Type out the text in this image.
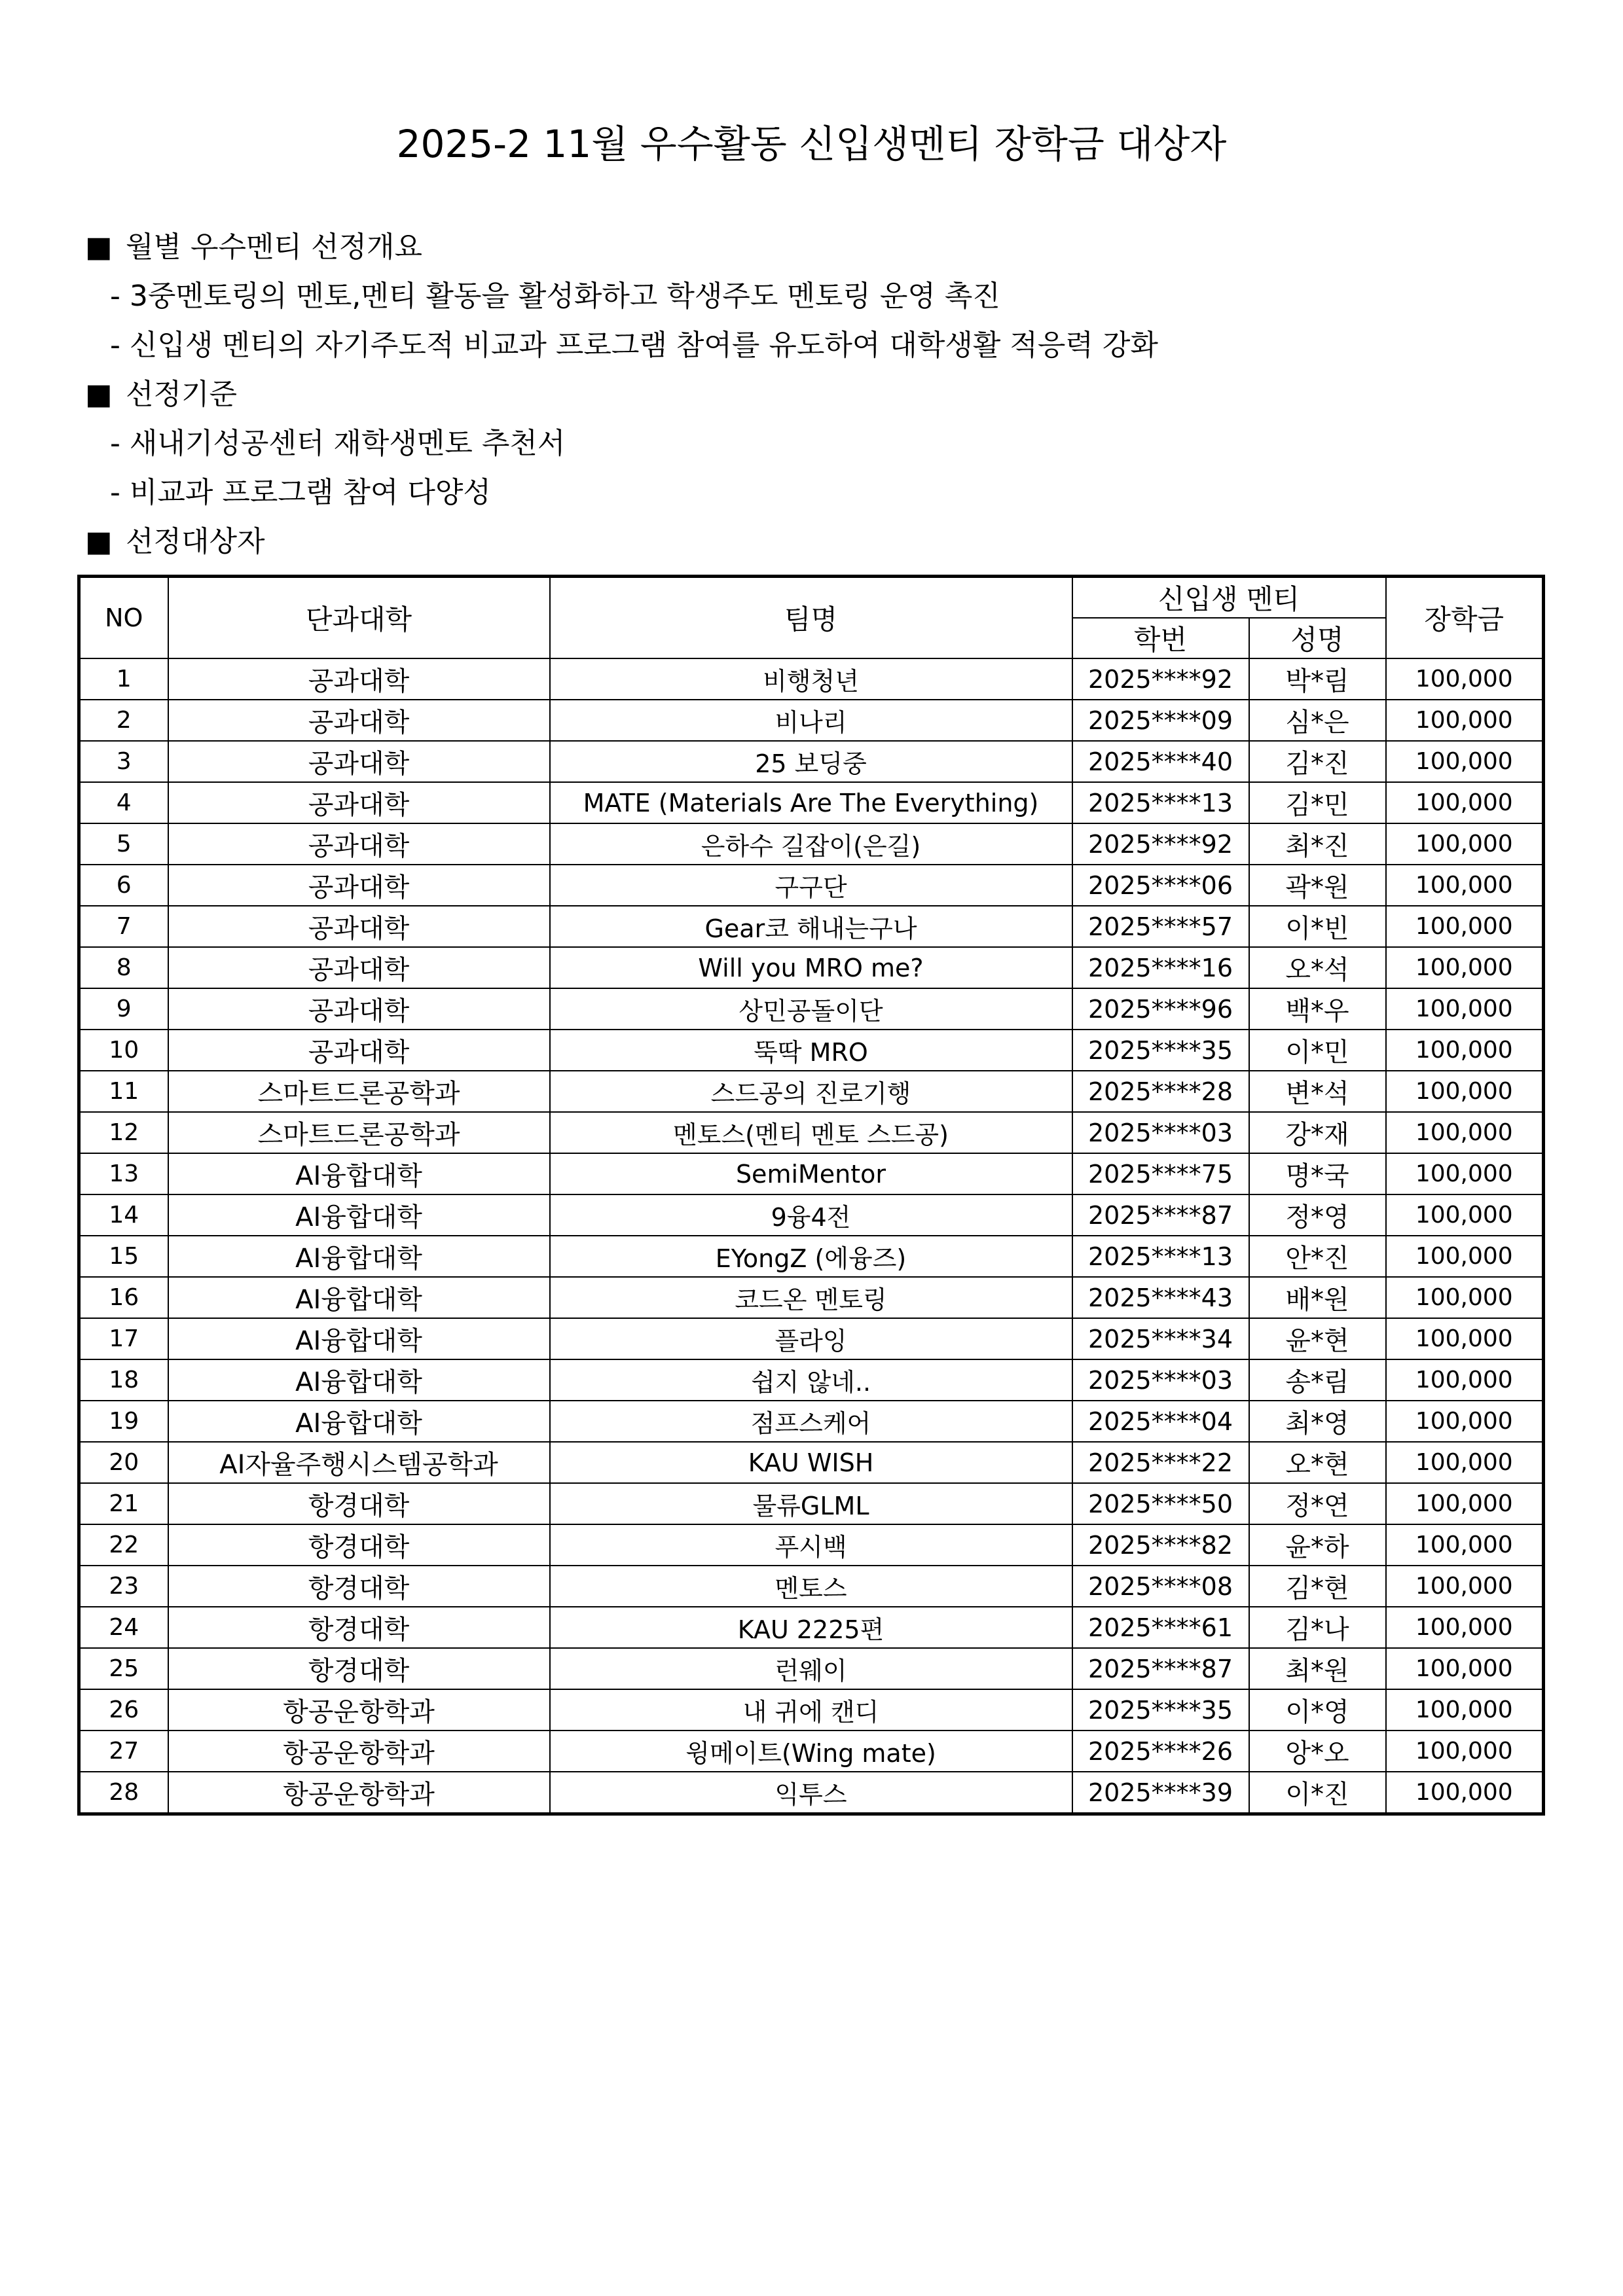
2025-2 11월 우수활동 신입생멘티 장학금 대상자
■ 월별 우수멘티 선정개요
- 3중멘토링의 멘토,멘티 활동을 활성화하고 학생주도 멘토링 운영 촉진
- 신입생 멘티의 자기주도적 비교과 프로그램 참여를 유도하여 대학생활 적응력 강화
■ 선정기준
- 새내기성공센터 재학생멘토 추천서
- 비교과 프로그램 참여 다양성
■ 선정대상자
NO	단과대학	팀명	신입생 멘티		장학금
			학번	성명	
1	공과대학	비행청년	2025****92	박*림	100,000
2	공과대학	비나리	2025****09	심*은	100,000
3	공과대학	25 보딩중	2025****40	김*진	100,000
4	공과대학	MATE (Materials Are The Everything)	2025****13	김*민	100,000
5	공과대학	은하수 길잡이(은길)	2025****92	최*진	100,000
6	공과대학	구구단	2025****06	곽*원	100,000
7	공과대학	Gear코 해내는구나	2025****57	이*빈	100,000
8	공과대학	Will you MRO me?	2025****16	오*석	100,000
9	공과대학	상민공돌이단	2025****96	백*우	100,000
10	공과대학	뚝딱 MRO	2025****35	이*민	100,000
11	스마트드론공학과	스드공의 진로기행	2025****28	변*석	100,000
12	스마트드론공학과	멘토스(멘티 멘토 스드공)	2025****03	강*재	100,000
13	AI융합대학	SemiMentor	2025****75	명*국	100,000
14	AI융합대학	9융4전	2025****87	정*영	100,000
15	AI융합대학	EYongZ (에융즈)	2025****13	안*진	100,000
16	AI융합대학	코드온 멘토링	2025****43	배*원	100,000
17	AI융합대학	플라잉	2025****34	윤*현	100,000
18	AI융합대학	쉽지 않네..	2025****03	송*림	100,000
19	AI융합대학	점프스케어	2025****04	최*영	100,000
20	AI자율주행시스템공학과	KAU WISH	2025****22	오*현	100,000
21	항경대학	물류GLML	2025****50	정*연	100,000
22	항경대학	푸시백	2025****82	윤*하	100,000
23	항경대학	멘토스	2025****08	김*현	100,000
24	항경대학	KAU 2225편	2025****61	김*나	100,000
25	항경대학	런웨이	2025****87	최*원	100,000
26	항공운항학과	내 귀에 캔디	2025****35	이*영	100,000
27	항공운항학과	윙메이트(Wing mate)	2025****26	앙*오	100,000
28	항공운항학과	익투스	2025****39	이*진	100,000
